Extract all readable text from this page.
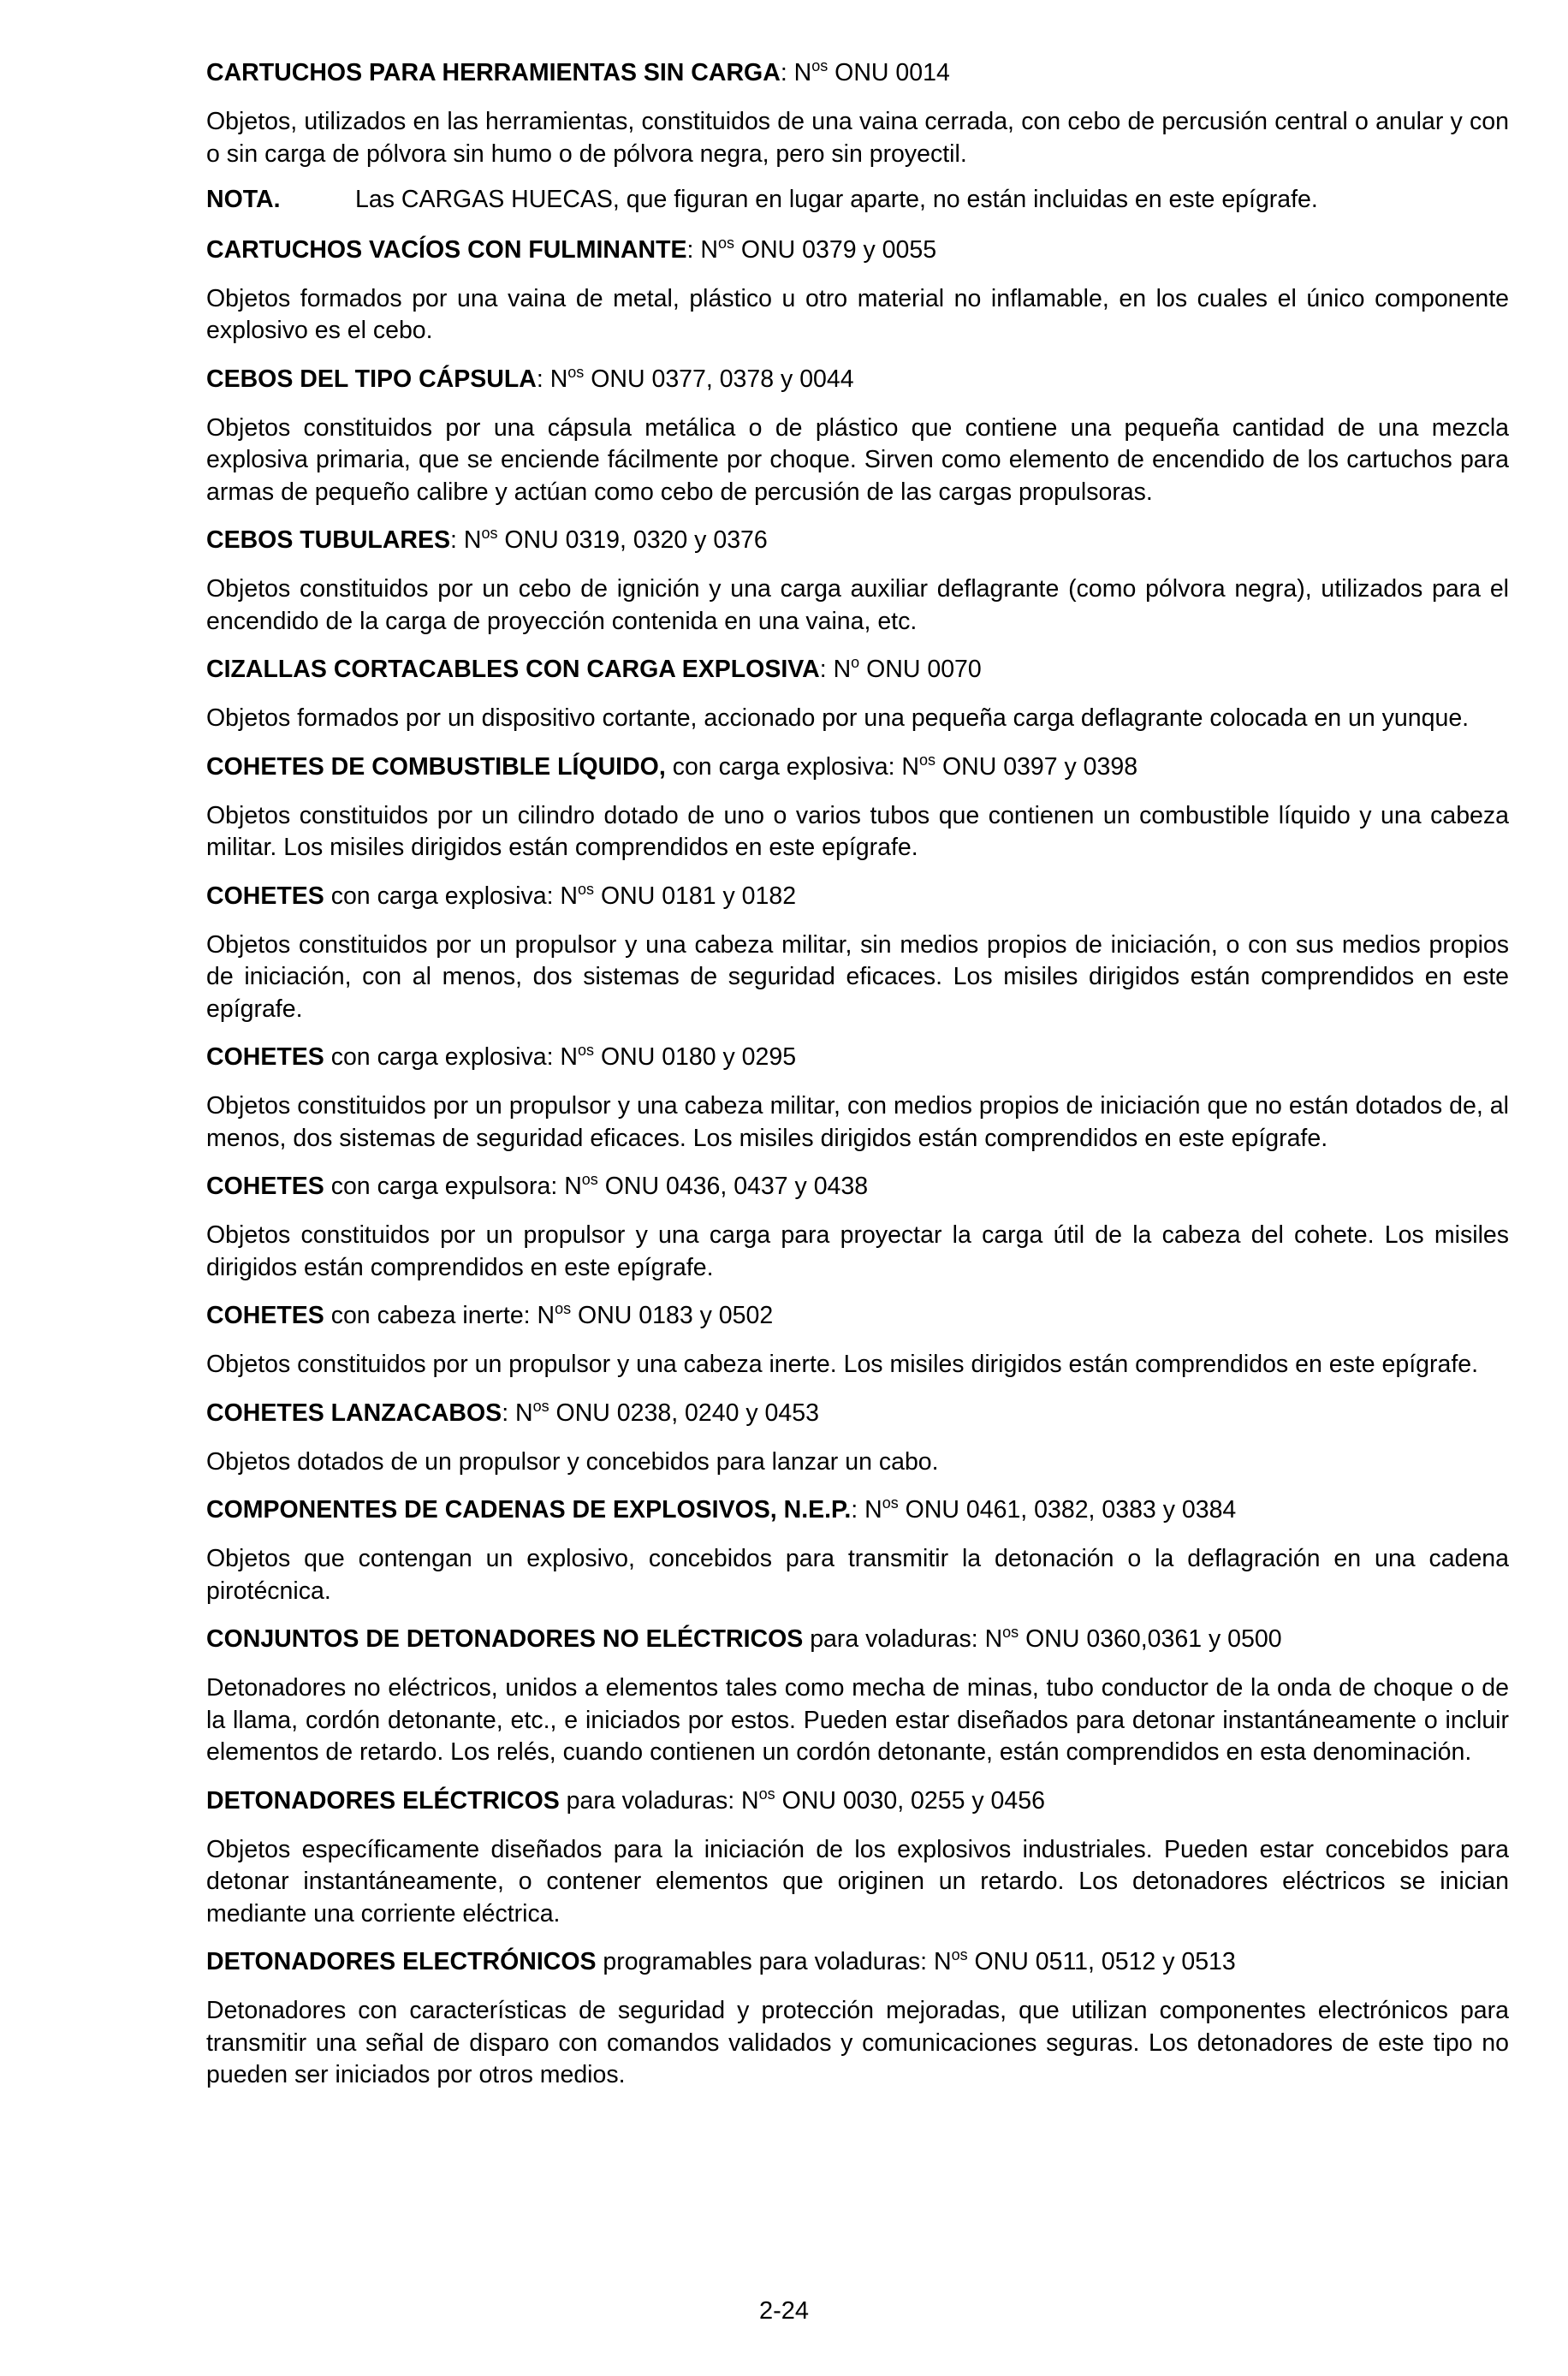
CARTUCHOS PARA HERRAMIENTAS SIN CARGA: $N^{os}$ ONU 0014
Objetos, utilizados en las herramientas, constituidos de una vaina cerrada, con cebo de percusión central o anular y con o sin carga de pólvora sin humo o de pólvora negra, pero sin proyectil.
NOTA.	Las CARGAS HUECAS, que figuran en lugar aparte, no están incluidas en este epígrafe.
CARTUCHOS VACÍOS CON FULMINANTE: $N^{os}$ ONU 0379 y 0055
Objetos formados por una vaina de metal, plástico u otro material no inflamable, en los cuales el único componente explosivo es el cebo.
CEBOS DEL TIPO CÁPSULA: $N^{os}$ ONU 0377, 0378 y 0044
Objetos constituidos por una cápsula metálica o de plástico que contiene una pequeña cantidad de una mezcla explosiva primaria, que se enciende fácilmente por choque. Sirven como elemento de encendido de los cartuchos para armas de pequeño calibre y actúan como cebo de percusión de las cargas propulsoras.
CEBOS TUBULARES: $N^{os}$ ONU 0319, 0320 y 0376
Objetos constituidos por un cebo de ignición y una carga auxiliar deflagrante (como pólvora negra), utilizados para el encendido de la carga de proyección contenida en una vaina, etc.
CIZALLAS CORTACABLES CON CARGA EXPLOSIVA: $N^o$ ONU 0070
Objetos formados por un dispositivo cortante, accionado por una pequeña carga deflagrante colocada en un yunque.
COHETES DE COMBUSTIBLE LÍQUIDO, con carga explosiva: $N^{os}$ ONU 0397 y 0398
Objetos constituidos por un cilindro dotado de uno o varios tubos que contienen un combustible líquido y una cabeza militar. Los misiles dirigidos están comprendidos en este epígrafe.
COHETES con carga explosiva: $N^{os}$ ONU 0181 y 0182
Objetos constituidos por un propulsor y una cabeza militar, sin medios propios de iniciación, o con sus medios propios de iniciación, con al menos, dos sistemas de seguridad eficaces. Los misiles dirigidos están comprendidos en este epígrafe.
COHETES con carga explosiva: $N^{os}$ ONU 0180 y 0295
Objetos constituidos por un propulsor y una cabeza militar, con medios propios de iniciación que no están dotados de, al menos, dos sistemas de seguridad eficaces. Los misiles dirigidos están comprendidos en este epígrafe.
COHETES con carga expulsora: $N^{os}$ ONU 0436, 0437 y 0438
Objetos constituidos por un propulsor y una carga para proyectar la carga útil de la cabeza del cohete. Los misiles dirigidos están comprendidos en este epígrafe.
COHETES con cabeza inerte: $N^{os}$ ONU 0183 y 0502
Objetos constituidos por un propulsor y una cabeza inerte. Los misiles dirigidos están comprendidos en este epígrafe.
COHETES LANZACABOS: $N^{os}$ ONU 0238, 0240 y 0453
Objetos dotados de un propulsor y concebidos para lanzar un cabo.
COMPONENTES DE CADENAS DE EXPLOSIVOS, N.E.P.: $N^{os}$ ONU 0461, 0382, 0383 y 0384
Objetos que contengan un explosivo, concebidos para transmitir la detonación o la deflagración en una cadena pirotécnica.
CONJUNTOS DE DETONADORES NO ELÉCTRICOS para voladuras: $N^{os}$ ONU 0360,0361 y 0500
Detonadores no eléctricos, unidos a elementos tales como mecha de minas, tubo conductor de la onda de choque o de la llama, cordón detonante, etc., e iniciados por estos. Pueden estar diseñados para detonar instantáneamente o incluir elementos de retardo. Los relés, cuando contienen un cordón detonante, están comprendidos en esta denominación.
DETONADORES ELÉCTRICOS para voladuras: $N^{os}$ ONU 0030, 0255 y 0456
Objetos específicamente diseñados para la iniciación de los explosivos industriales. Pueden estar concebidos para detonar instantáneamente, o contener elementos que originen un retardo. Los detonadores eléctricos se inician mediante una corriente eléctrica.
DETONADORES ELECTRÓNICOS programables para voladuras: $N^{os}$ ONU 0511, 0512 y 0513
Detonadores con características de seguridad y protección mejoradas, que utilizan componentes electrónicos para transmitir una señal de disparo con comandos validados y comunicaciones seguras. Los detonadores de este tipo no pueden ser iniciados por otros medios.
2-24
